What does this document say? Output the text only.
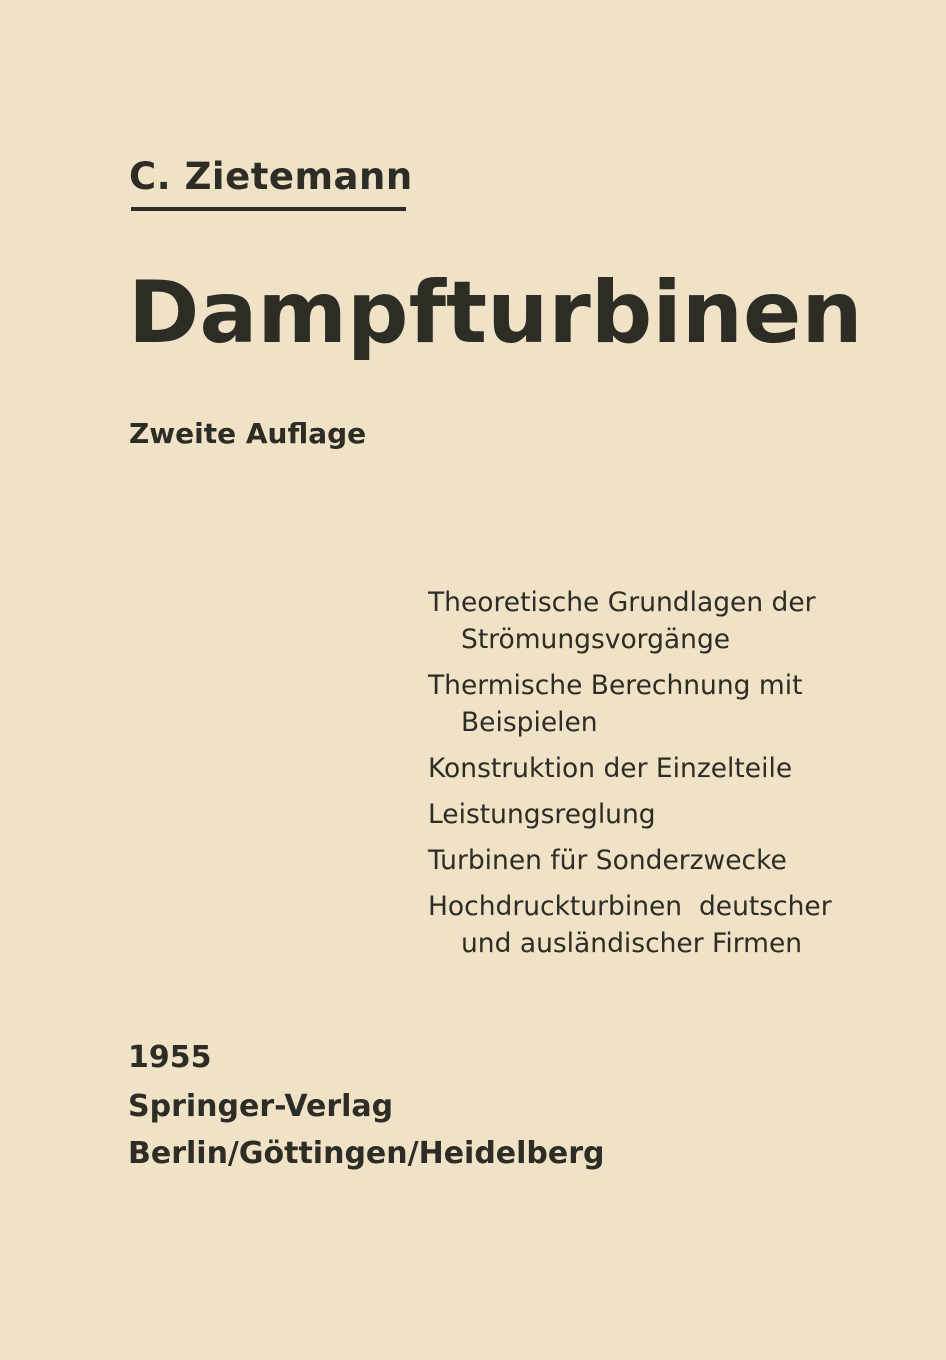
C. Zietemann
Dampfturbinen
Zweite Auflage
Theoretische Grundlagen der
Strömungsvorgänge
Thermische Berechnung mit
Beispielen
Konstruktion der Einzelteile
Leistungsreglung
Turbinen für Sonderzwecke
Hochdruckturbinen  deutscher
und ausländischer Firmen
1955
Springer-Verlag
Berlin/Göttingen/Heidelberg
